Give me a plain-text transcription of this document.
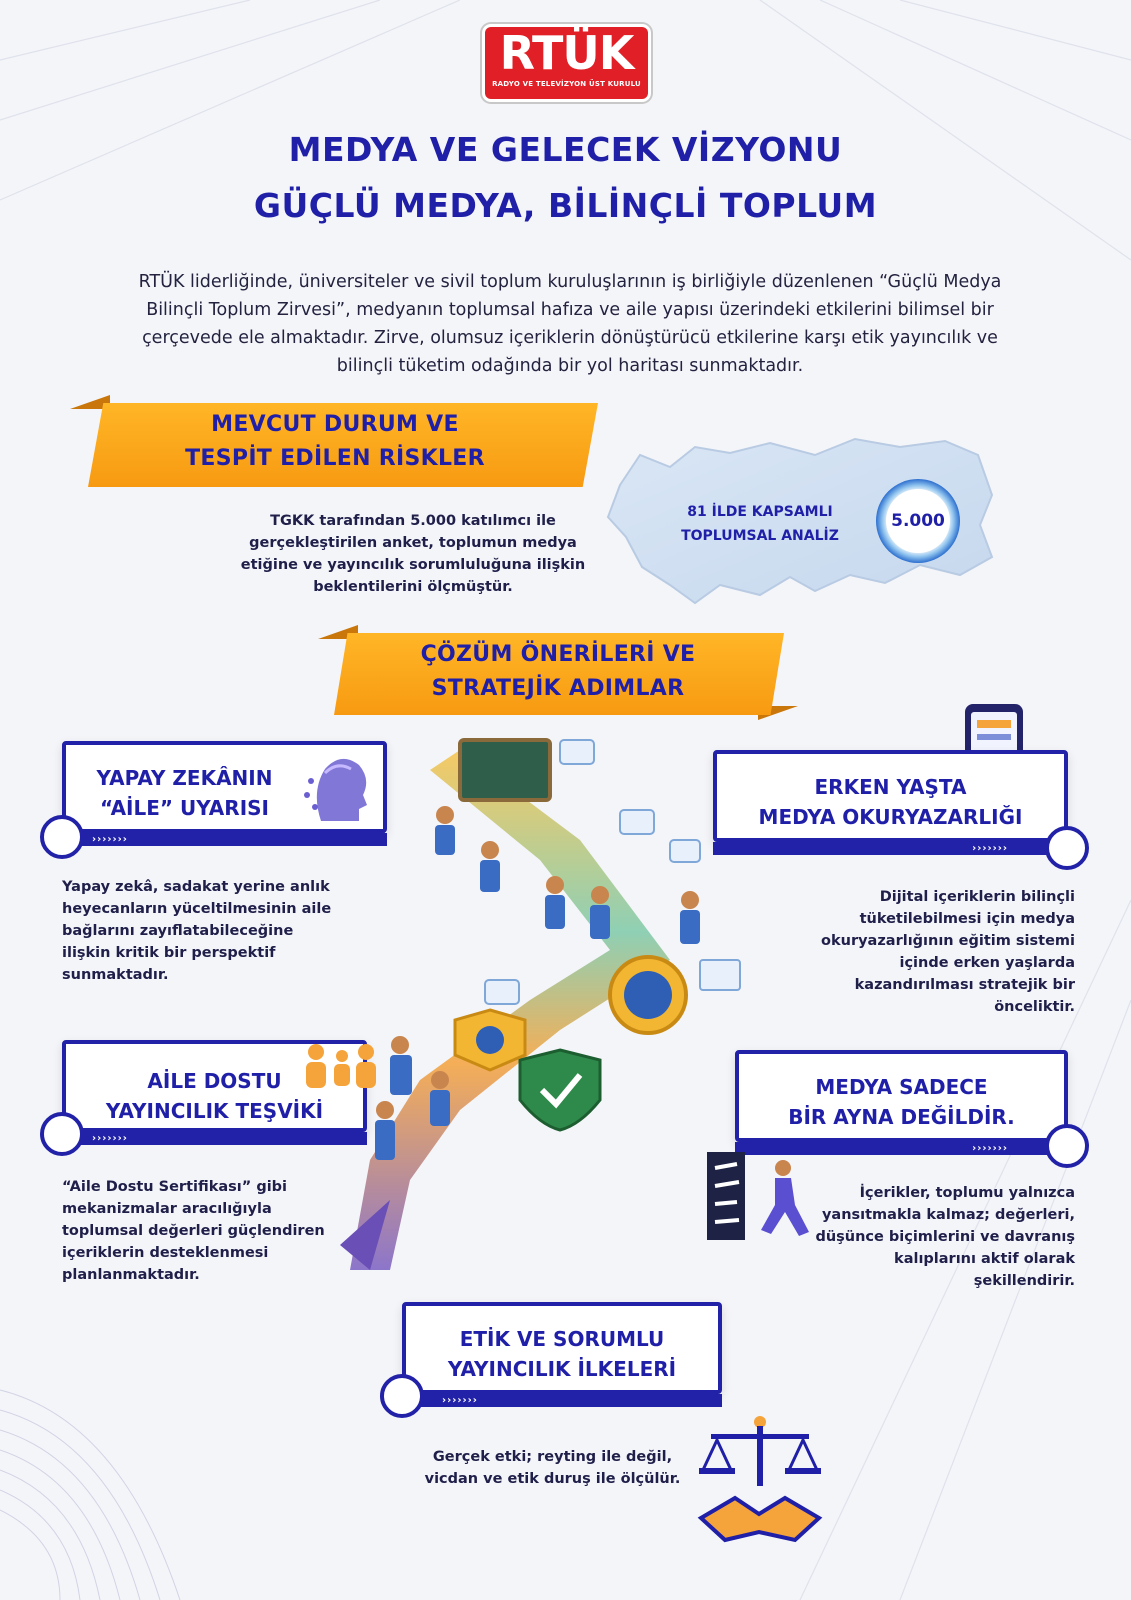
RTÜK
RADYO VE TELEVİZYON ÜST KURULU
MEDYA VE GELECEK VİZYONU
GÜÇLÜ MEDYA, BİLİNÇLİ TOPLUM
RTÜK liderliğinde, üniversiteler ve sivil toplum kuruluşlarının iş birliğiyle düzenlenen “Güçlü Medya Bilinçli Toplum Zirvesi”, medyanın toplumsal hafıza ve aile yapısı üzerindeki etkilerini bilimsel bir çerçevede ele almaktadır. Zirve, olumsuz içeriklerin dönüştürücü etkilerine karşı etik yayıncılık ve bilinçli tüketim odağında bir yol haritası sunmaktadır.
MEVCUT DURUM VE
TESPİT EDİLEN RİSKLER
TGKK tarafından 5.000 katılımcı ile gerçekleştirilen anket, toplumun medya etiğine ve yayıncılık sorumluluğuna ilişkin beklentilerini ölçmüştür.
81 İLDE KAPSAMLI
TOPLUMSAL ANALİZ
5.000
ÇÖZÜM ÖNERİLERİ VE
STRATEJİK ADIMLAR
YAPAY ZEKÂNIN
“AİLE” UYARISI
›››››››
Yapay zekâ, sadakat yerine anlık heyecanların yüceltilmesinin aile bağlarını zayıflatabileceğine ilişkin kritik bir perspektif sunmaktadır.
ERKEN YAŞTA
MEDYA OKURYAZARLIĞI
›››››››
Dijital içeriklerin bilinçli tüketilebilmesi için medya okuryazarlığının eğitim sistemi içinde erken yaşlarda kazandırılması stratejik bir önceliktir.
AİLE DOSTU
YAYINCILIK TEŞVİKİ
›››››››
“Aile Dostu Sertifikası” gibi mekanizmalar aracılığıyla toplumsal değerleri güçlendiren içeriklerin desteklenmesi planlanmaktadır.
MEDYA SADECE
BİR AYNA DEĞİLDİR.
›››››››
İçerikler, toplumu yalnızca yansıtmakla kalmaz; değerleri, düşünce biçimlerini ve davranış kalıplarını aktif olarak şekillendirir.
ETİK VE SORUMLU
YAYINCILIK İLKELERİ
›››››››
Gerçek etki; reyting ile değil, vicdan ve etik duruş ile ölçülür.
